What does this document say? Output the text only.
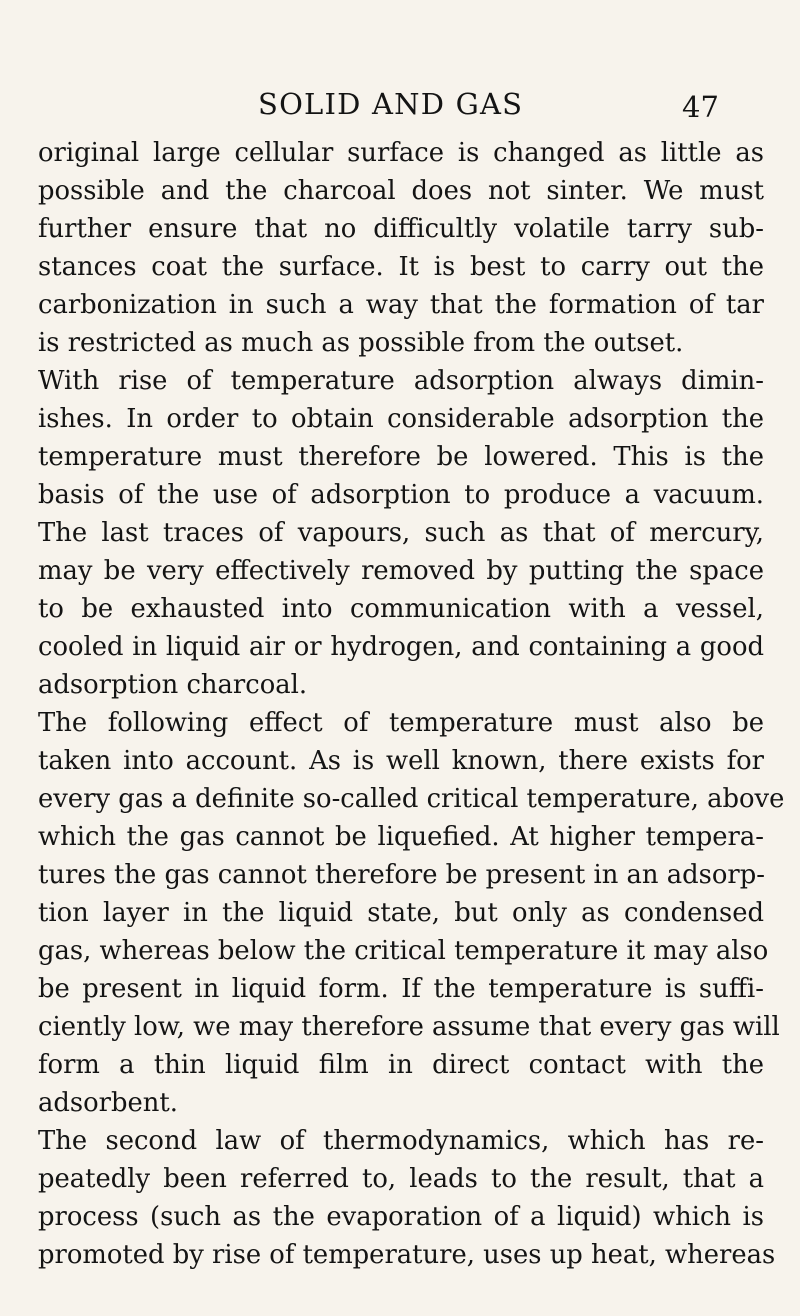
SOLID AND GAS	47
original large cellular surface is changed as little as
possible and the charcoal does not sinter. We must
further ensure that no difficultly volatile tarry sub-
stances coat the surface. It is best to carry out the
carbonization in such a way that the formation of tar
is restricted as much as possible from the outset.
With rise of temperature adsorption always dimin-
ishes. In order to obtain considerable adsorption the
temperature must therefore be lowered. This is the
basis of the use of adsorption to produce a vacuum.
The last traces of vapours, such as that of mercury,
may be very effectively removed by putting the space
to be exhausted into communication with a vessel,
cooled in liquid air or hydrogen, and containing a good
adsorption charcoal.
The following effect of temperature must also be
taken into account. As is well known, there exists for
every gas a definite so-called critical temperature, above
which the gas cannot be liquefied. At higher tempera-
tures the gas cannot therefore be present in an adsorp-
tion layer in the liquid state, but only as condensed
gas, whereas below the critical temperature it may also
be present in liquid form. If the temperature is suffi-
ciently low, we may therefore assume that every gas will
form a thin liquid film in direct contact with the
adsorbent.
The second law of thermodynamics, which has re-
peatedly been referred to, leads to the result, that a
process (such as the evaporation of a liquid) which is
promoted by rise of temperature, uses up heat, whereas
